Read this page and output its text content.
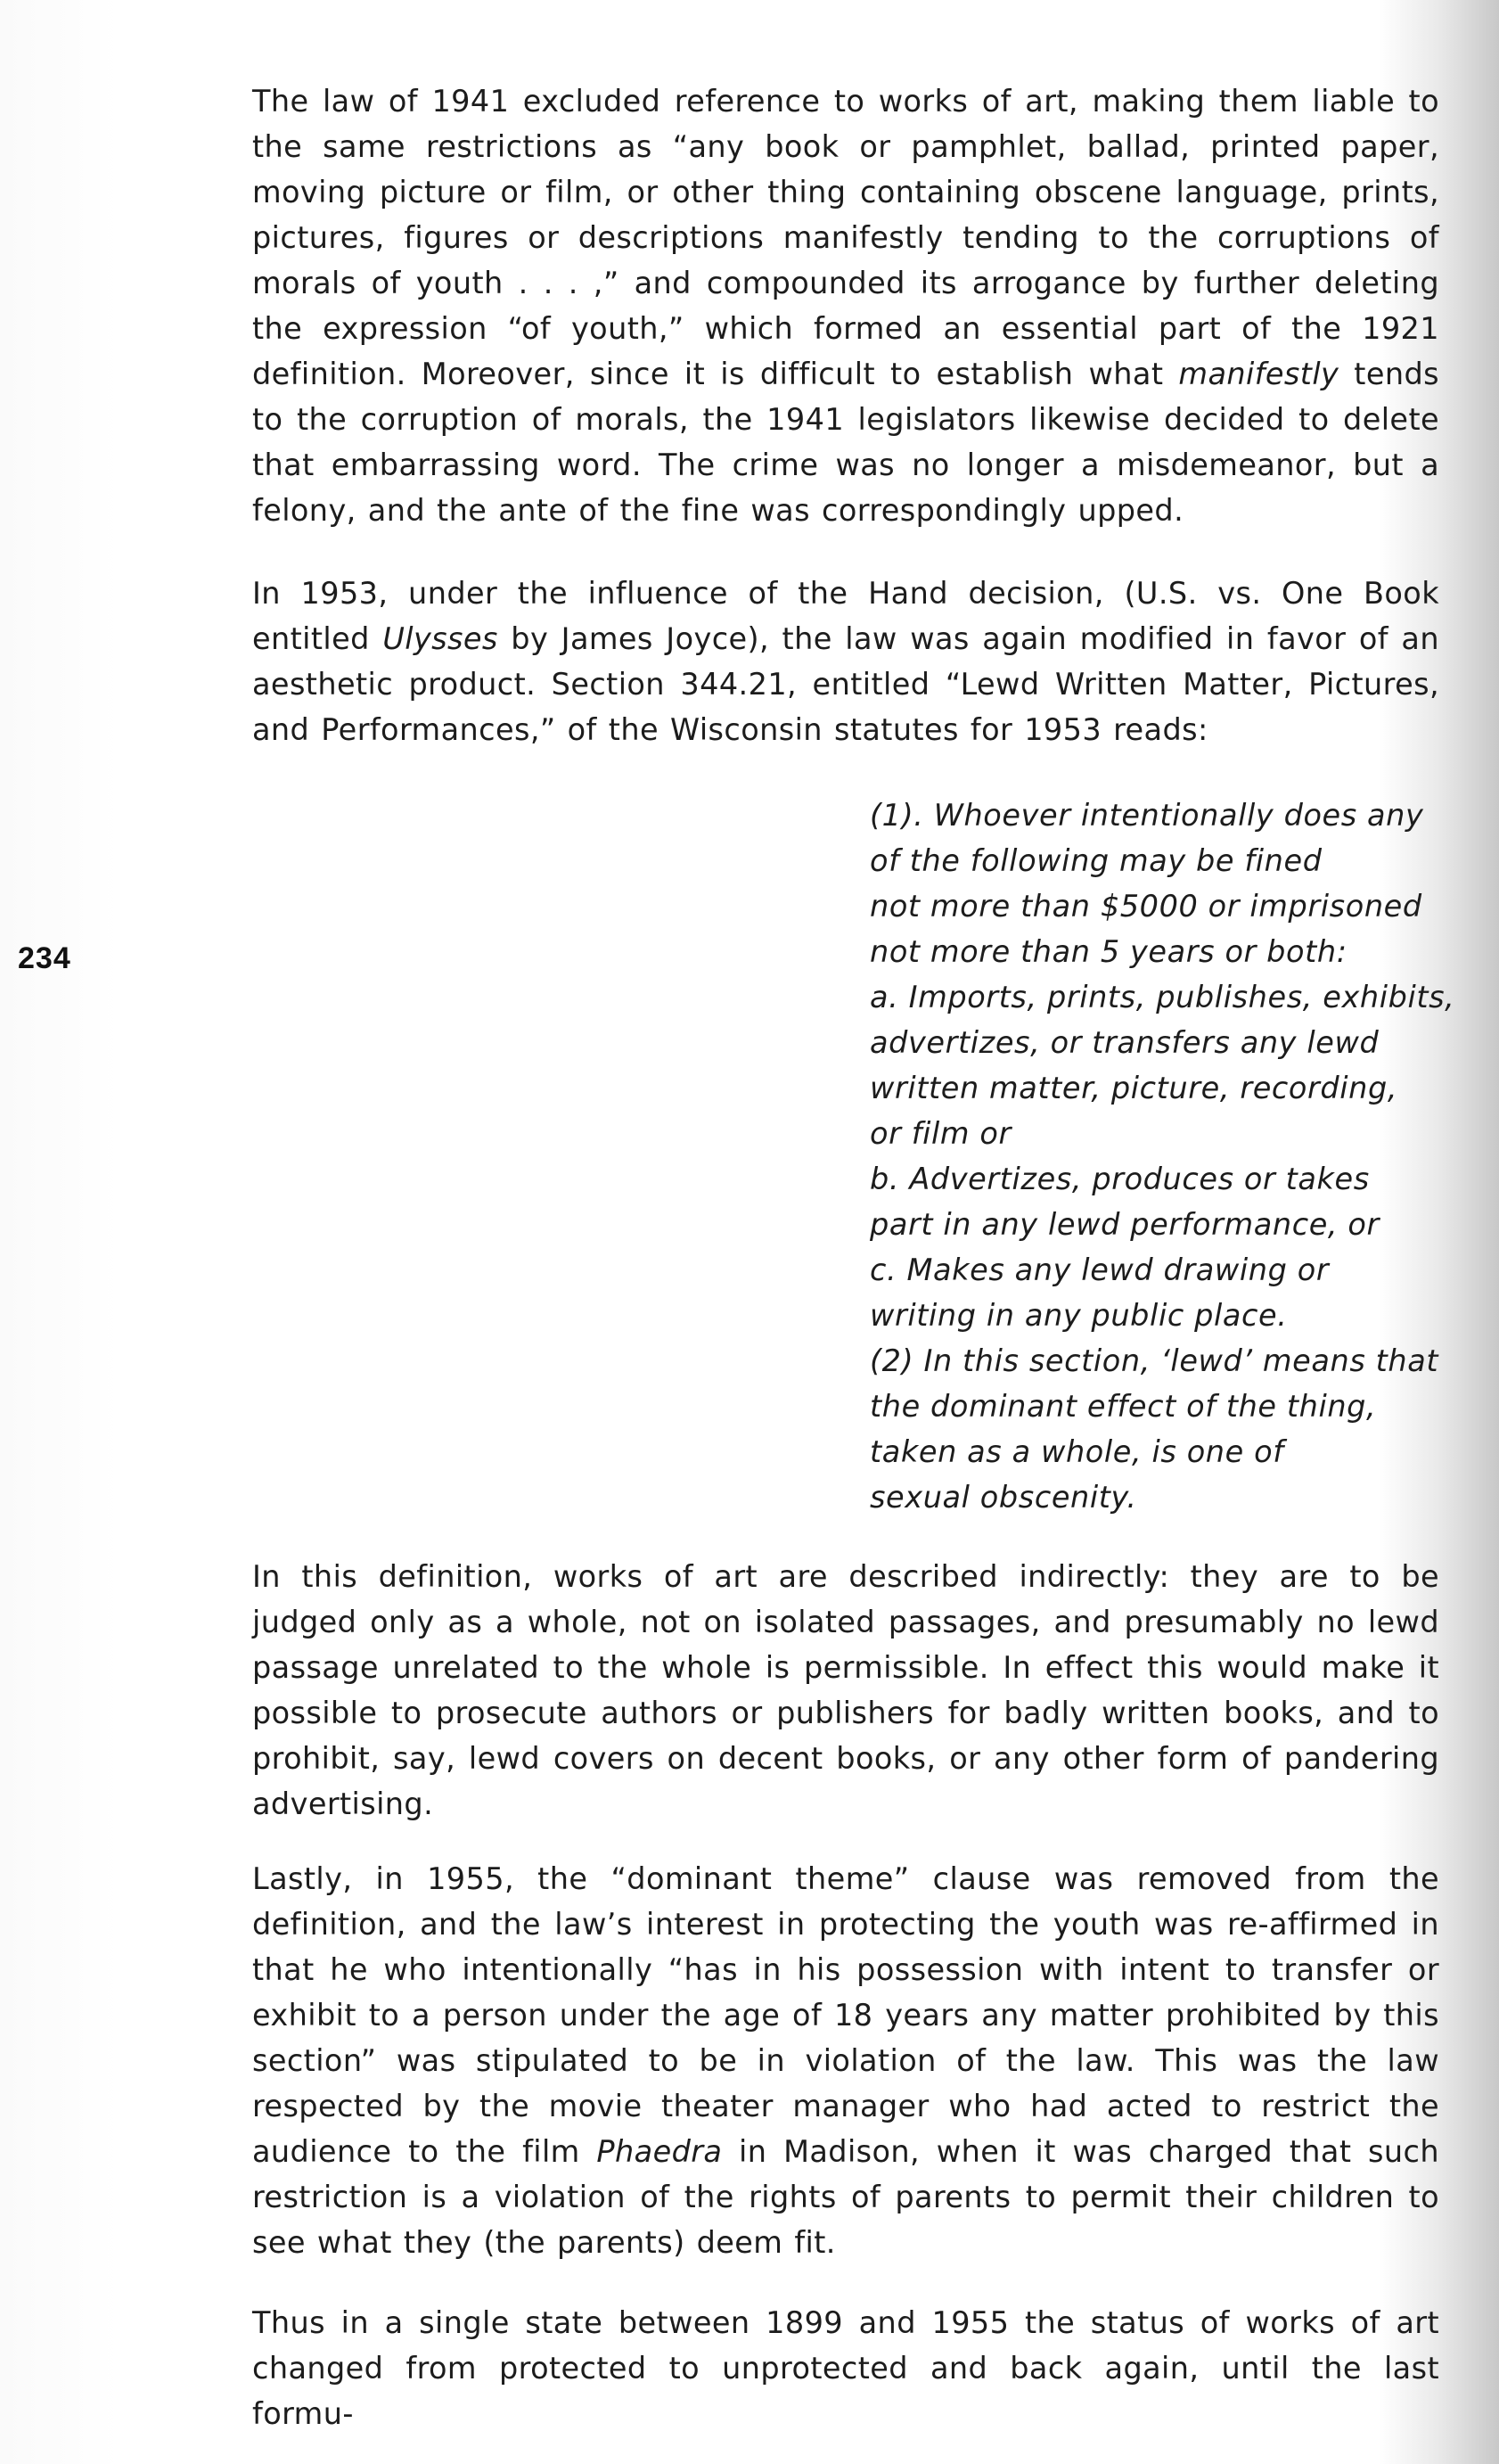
234

The law of 1941 excluded reference to works of art, making them liable to the same restrictions as “any book or pamphlet, ballad, printed paper, moving picture or film, or other thing containing obscene language, prints, pictures, figures or descriptions manifestly tending to the corruptions of morals of youth . . . ,” and compounded its arrogance by further deleting the expression “of youth,” which formed an essential part of the 1921 definition. Moreover, since it is difficult to establish what manifestly tends to the corruption of morals, the 1941 legislators likewise decided to delete that embarrassing word. The crime was no longer a misdemeanor, but a felony, and the ante of the fine was correspondingly upped.

In 1953, under the influence of the Hand decision, (U.S. vs. One Book entitled Ulysses by James Joyce), the law was again modified in favor of an aesthetic product. Section 344.21, entitled “Lewd Written Matter, Pictures, and Performances,” of the Wisconsin statutes for 1953 reads:

(1). Whoever intentionally does any
of the following may be fined
not more than $5000 or imprisoned
not more than 5 years or both:
a. Imports, prints, publishes, exhibits,
advertizes, or transfers any lewd
written matter, picture, recording,
or film or
b. Advertizes, produces or takes
part in any lewd performance, or
c. Makes any lewd drawing or
writing in any public place.
(2) In this section, ‘lewd’ means that
the dominant effect of the thing,
taken as a whole, is one of
sexual obscenity.

In this definition, works of art are described indirectly: they are to be judged only as a whole, not on isolated passages, and presumably no lewd passage unrelated to the whole is permissible. In effect this would make it possible to prosecute authors or publishers for badly written books, and to prohibit, say, lewd covers on decent books, or any other form of pandering advertising.

Lastly, in 1955, the “dominant theme” clause was removed from the definition, and the law’s interest in protecting the youth was re-affirmed in that he who intentionally “has in his possession with intent to transfer or exhibit to a person under the age of 18 years any matter prohibited by this section” was stipulated to be in violation of the law. This was the law respected by the movie theater manager who had acted to restrict the audience to the film Phaedra in Madison, when it was charged that such restriction is a violation of the rights of parents to permit their children to see what they (the parents) deem fit.

Thus in a single state between 1899 and 1955 the status of works of art changed from protected to unprotected and back again, until the last formu-
